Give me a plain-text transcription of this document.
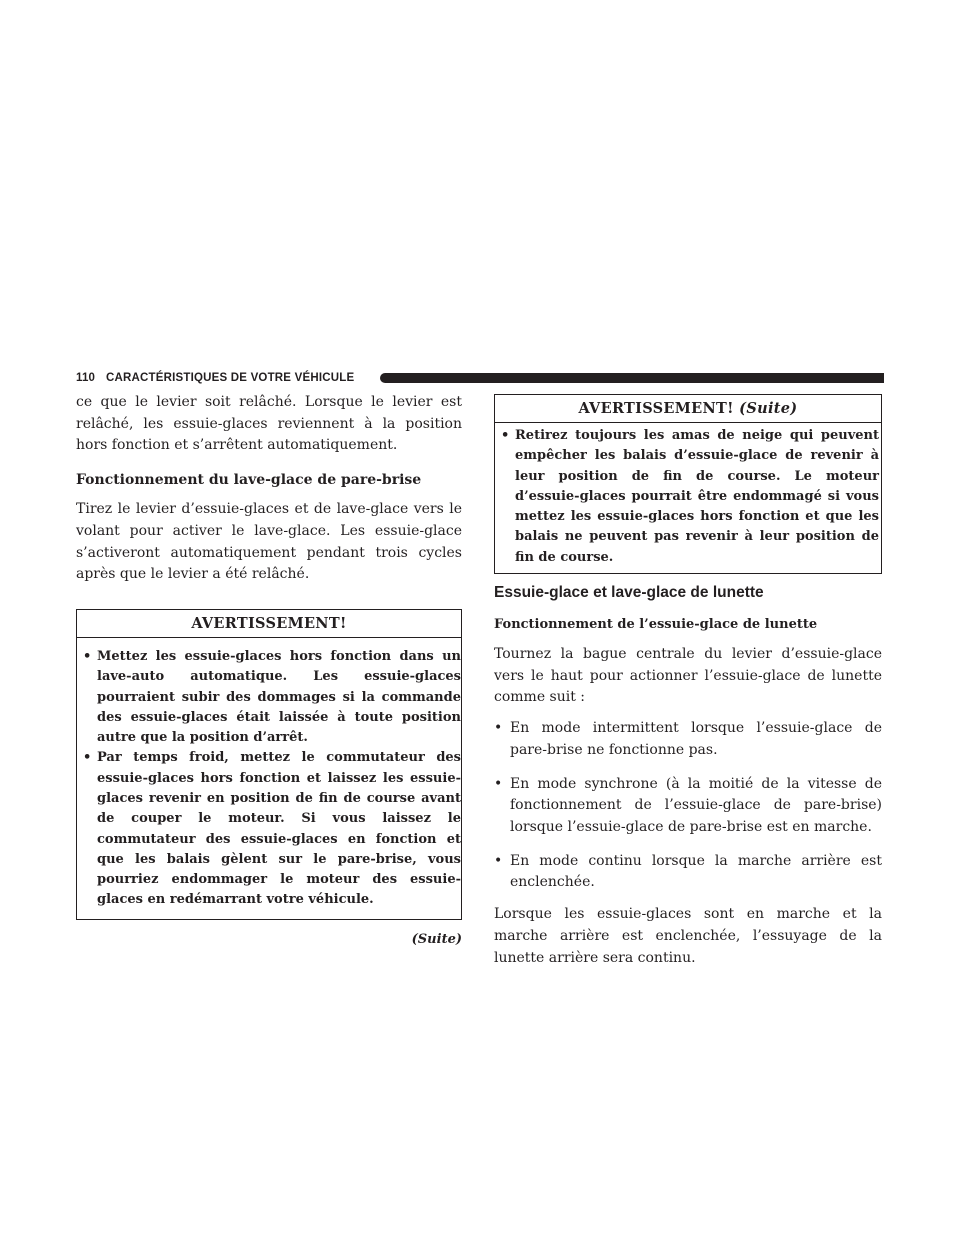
110 CARACTÉRISTIQUES DE VOTRE VÉHICULE

ce que le levier soit relâché. Lorsque le levier est relâché, les essuie-glaces reviennent à la position hors fonction et s’arrêtent automatiquement.

Fonctionnement du lave-glace de pare-brise

Tirez le levier d’essuie-glaces et de lave-glace vers le volant pour activer le lave-glace. Les essuie-glace s’activeront automatiquement pendant trois cycles après que le levier a été relâché.

AVERTISSEMENT!
• Mettez les essuie-glaces hors fonction dans un lave-auto automatique. Les essuie-glaces pourraient subir des dommages si la commande des essuie-glaces était laissée à toute position autre que la position d’arrêt.
• Par temps froid, mettez le commutateur des essuie-glaces hors fonction et laissez les essuie-glaces revenir en position de fin de course avant de couper le moteur. Si vous laissez le commutateur des essuie-glaces en fonction et que les balais gèlent sur le pare-brise, vous pourriez endommager le moteur des essuie-glaces en redémarrant votre véhicule.
(Suite)
AVERTISSEMENT! (Suite)
• Retirez toujours les amas de neige qui peuvent empêcher les balais d’essuie-glace de revenir à leur position de fin de course. Le moteur d’essuie-glaces pourrait être endommagé si vous mettez les essuie-glaces hors fonction et que les balais ne peuvent pas revenir à leur position de fin de course.
Essuie-glace et lave-glace de lunette
Fonctionnement de l’essuie-glace de lunette

Tournez la bague centrale du levier d’essuie-glace vers le haut pour actionner l’essuie-glace de lunette comme suit :

• En mode intermittent lorsque l’essuie-glace de pare-brise ne fonctionne pas.
• En mode synchrone (à la moitié de la vitesse de fonctionnement de l’essuie-glace de pare-brise) lorsque l’essuie-glace de pare-brise est en marche.
• En mode continu lorsque la marche arrière est enclenchée.

Lorsque les essuie-glaces sont en marche et la marche arrière est enclenchée, l’essuyage de la lunette arrière sera continu.
